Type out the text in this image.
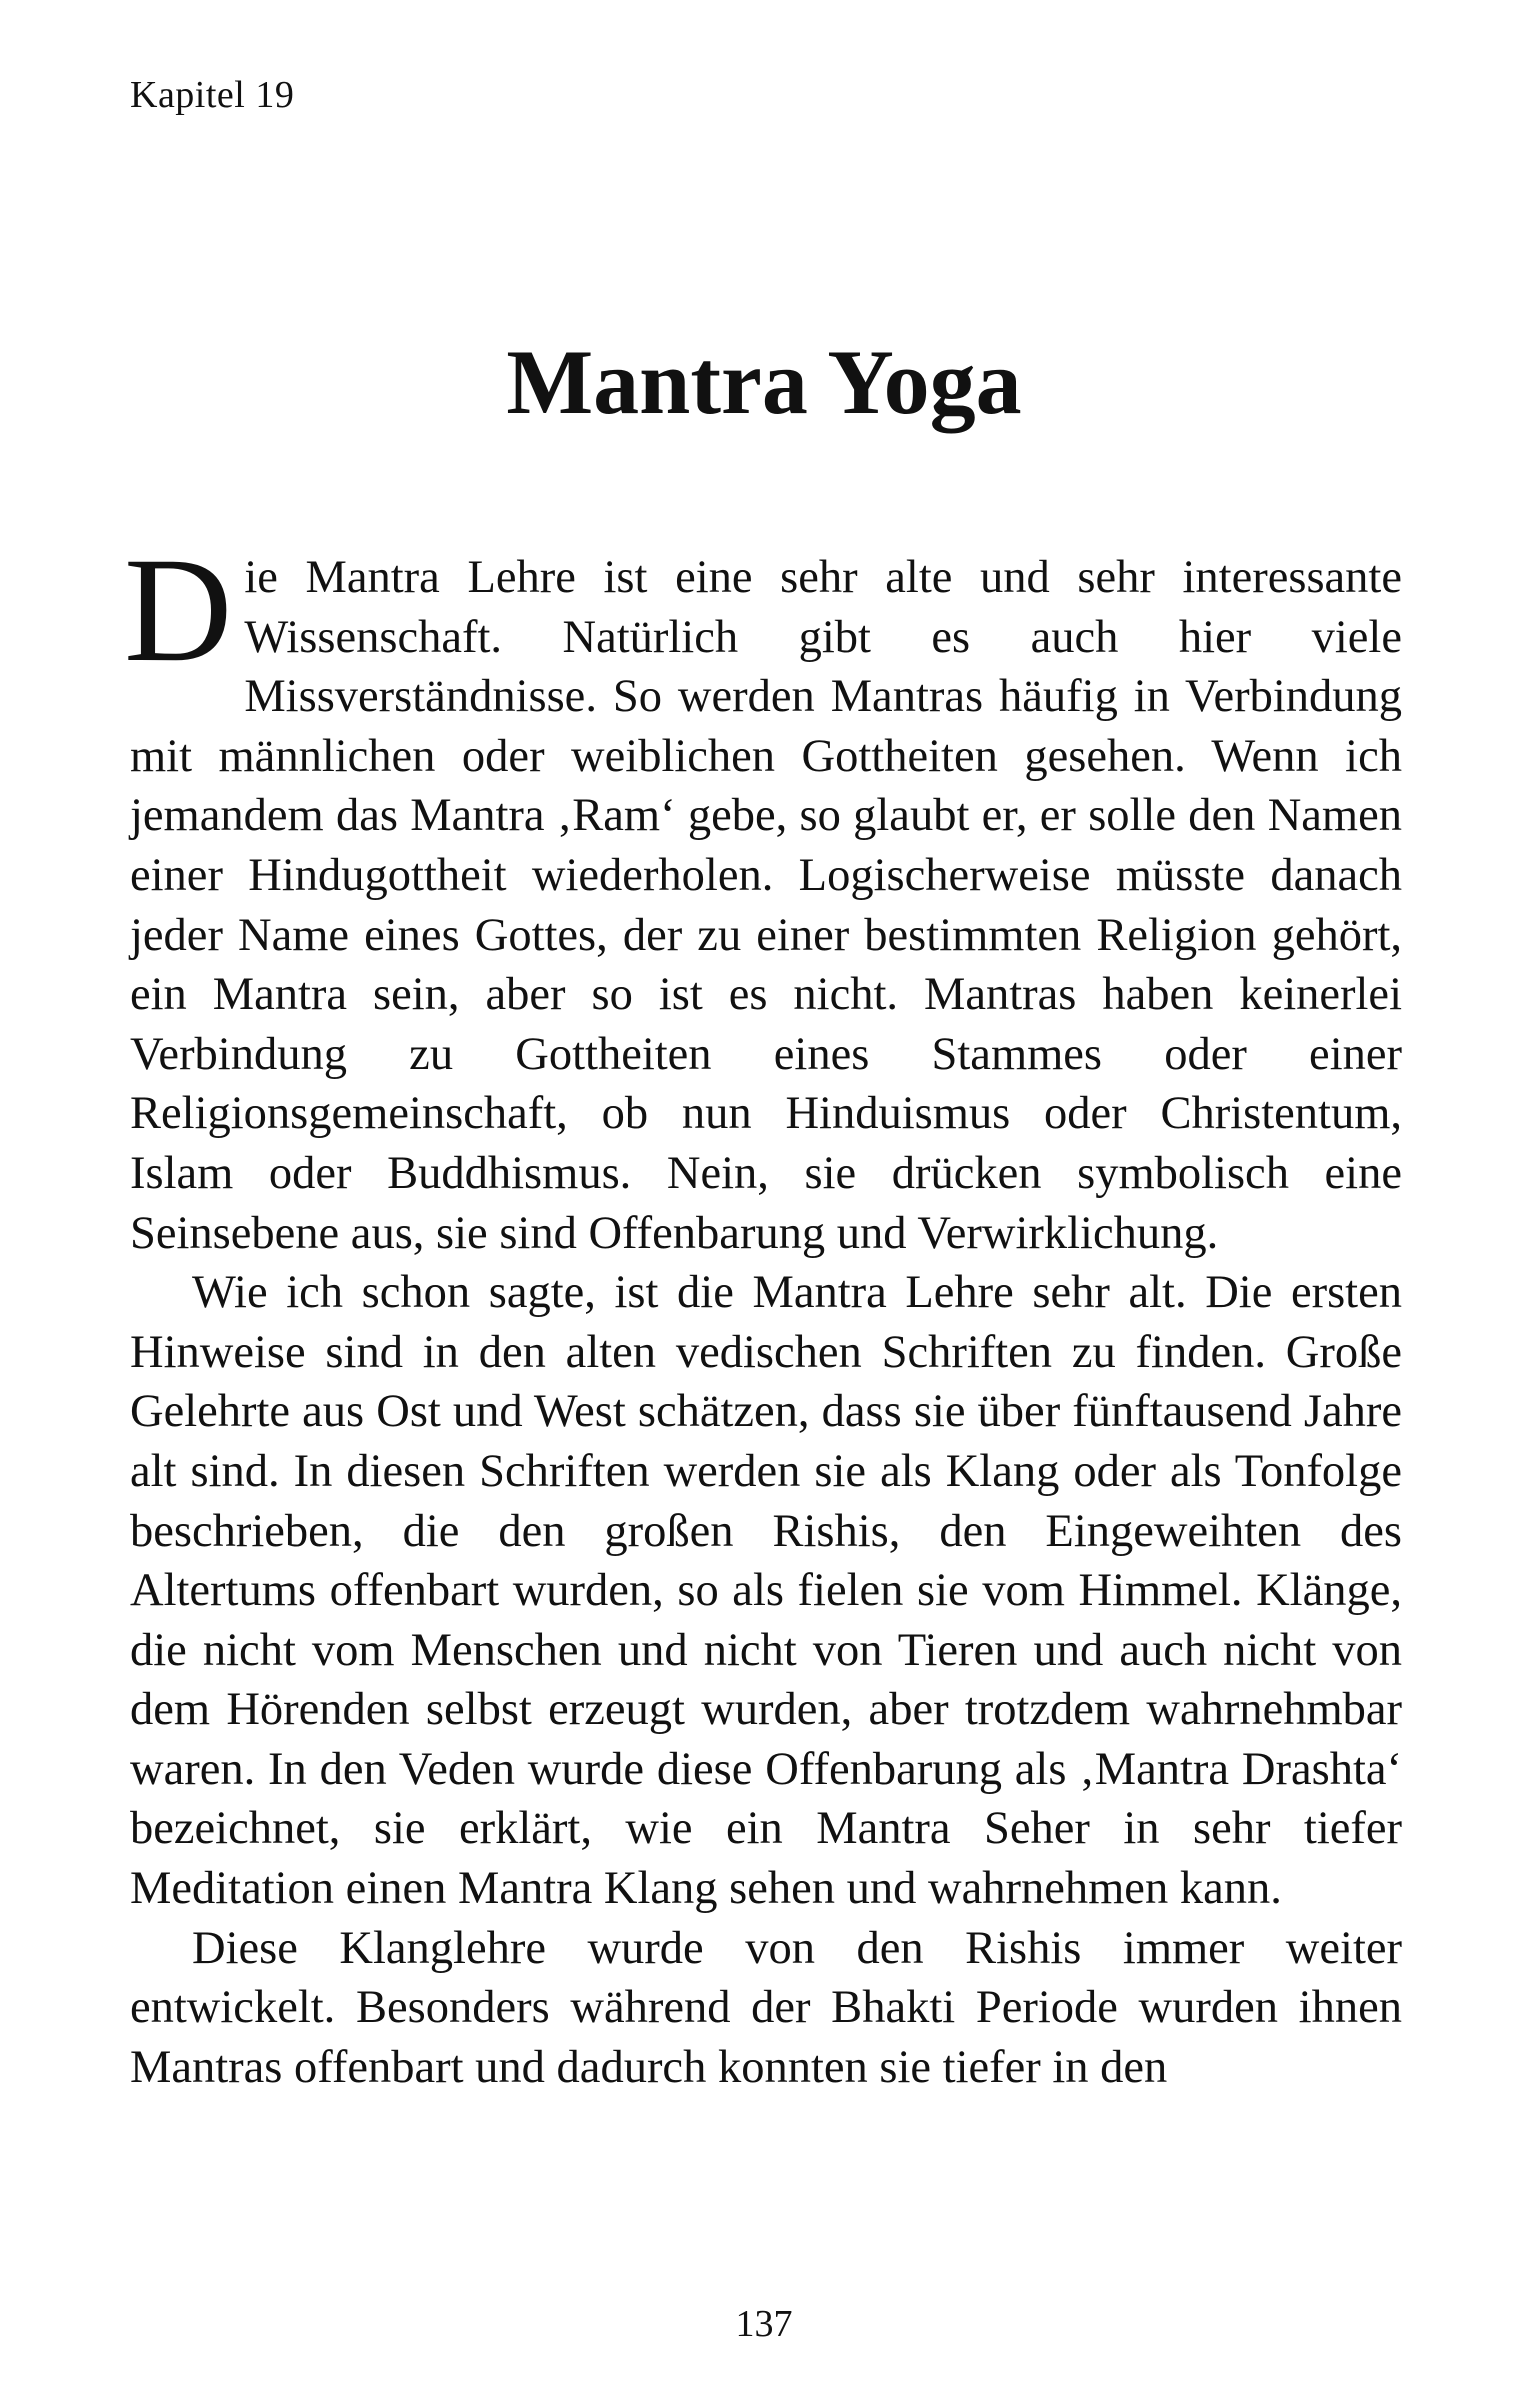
Kapitel 19
Mantra Yoga

Die Mantra Lehre ist eine sehr alte und sehr interessante Wissenschaft. Natürlich gibt es auch hier viele Missverständnisse. So werden Mantras häufig in Verbindung mit männlichen oder weiblichen Gottheiten gesehen. Wenn ich jemandem das Mantra ‚Ram‘ gebe, so glaubt er, er solle den Namen einer Hindugottheit wiederholen. Logischerweise müsste danach jeder Name eines Gottes, der zu einer bestimmten Religion gehört, ein Mantra sein, aber so ist es nicht. Mantras haben keinerlei Verbindung zu Gottheiten eines Stammes oder einer Religionsgemeinschaft, ob nun Hinduismus oder Christentum, Islam oder Buddhismus. Nein, sie drücken symbolisch eine Seinsebene aus, sie sind Offenbarung und Verwirklichung.

Wie ich schon sagte, ist die Mantra Lehre sehr alt. Die ersten Hinweise sind in den alten vedischen Schriften zu finden. Große Gelehrte aus Ost und West schätzen, dass sie über fünftausend Jahre alt sind. In diesen Schriften werden sie als Klang oder als Tonfolge beschrieben, die den großen Rishis, den Eingeweihten des Altertums offenbart wurden, so als fielen sie vom Himmel. Klänge, die nicht vom Menschen und nicht von Tieren und auch nicht von dem Hörenden selbst erzeugt wurden, aber trotzdem wahrnehmbar waren. In den Veden wurde diese Offenbarung als ‚Mantra Drashta‘ bezeichnet, sie erklärt, wie ein Mantra Seher in sehr tiefer Meditation einen Mantra Klang sehen und wahrnehmen kann.

Diese Klanglehre wurde von den Rishis immer weiter entwickelt. Besonders während der Bhakti Periode wurden ihnen Mantras offenbart und dadurch konnten sie tiefer in den

137
